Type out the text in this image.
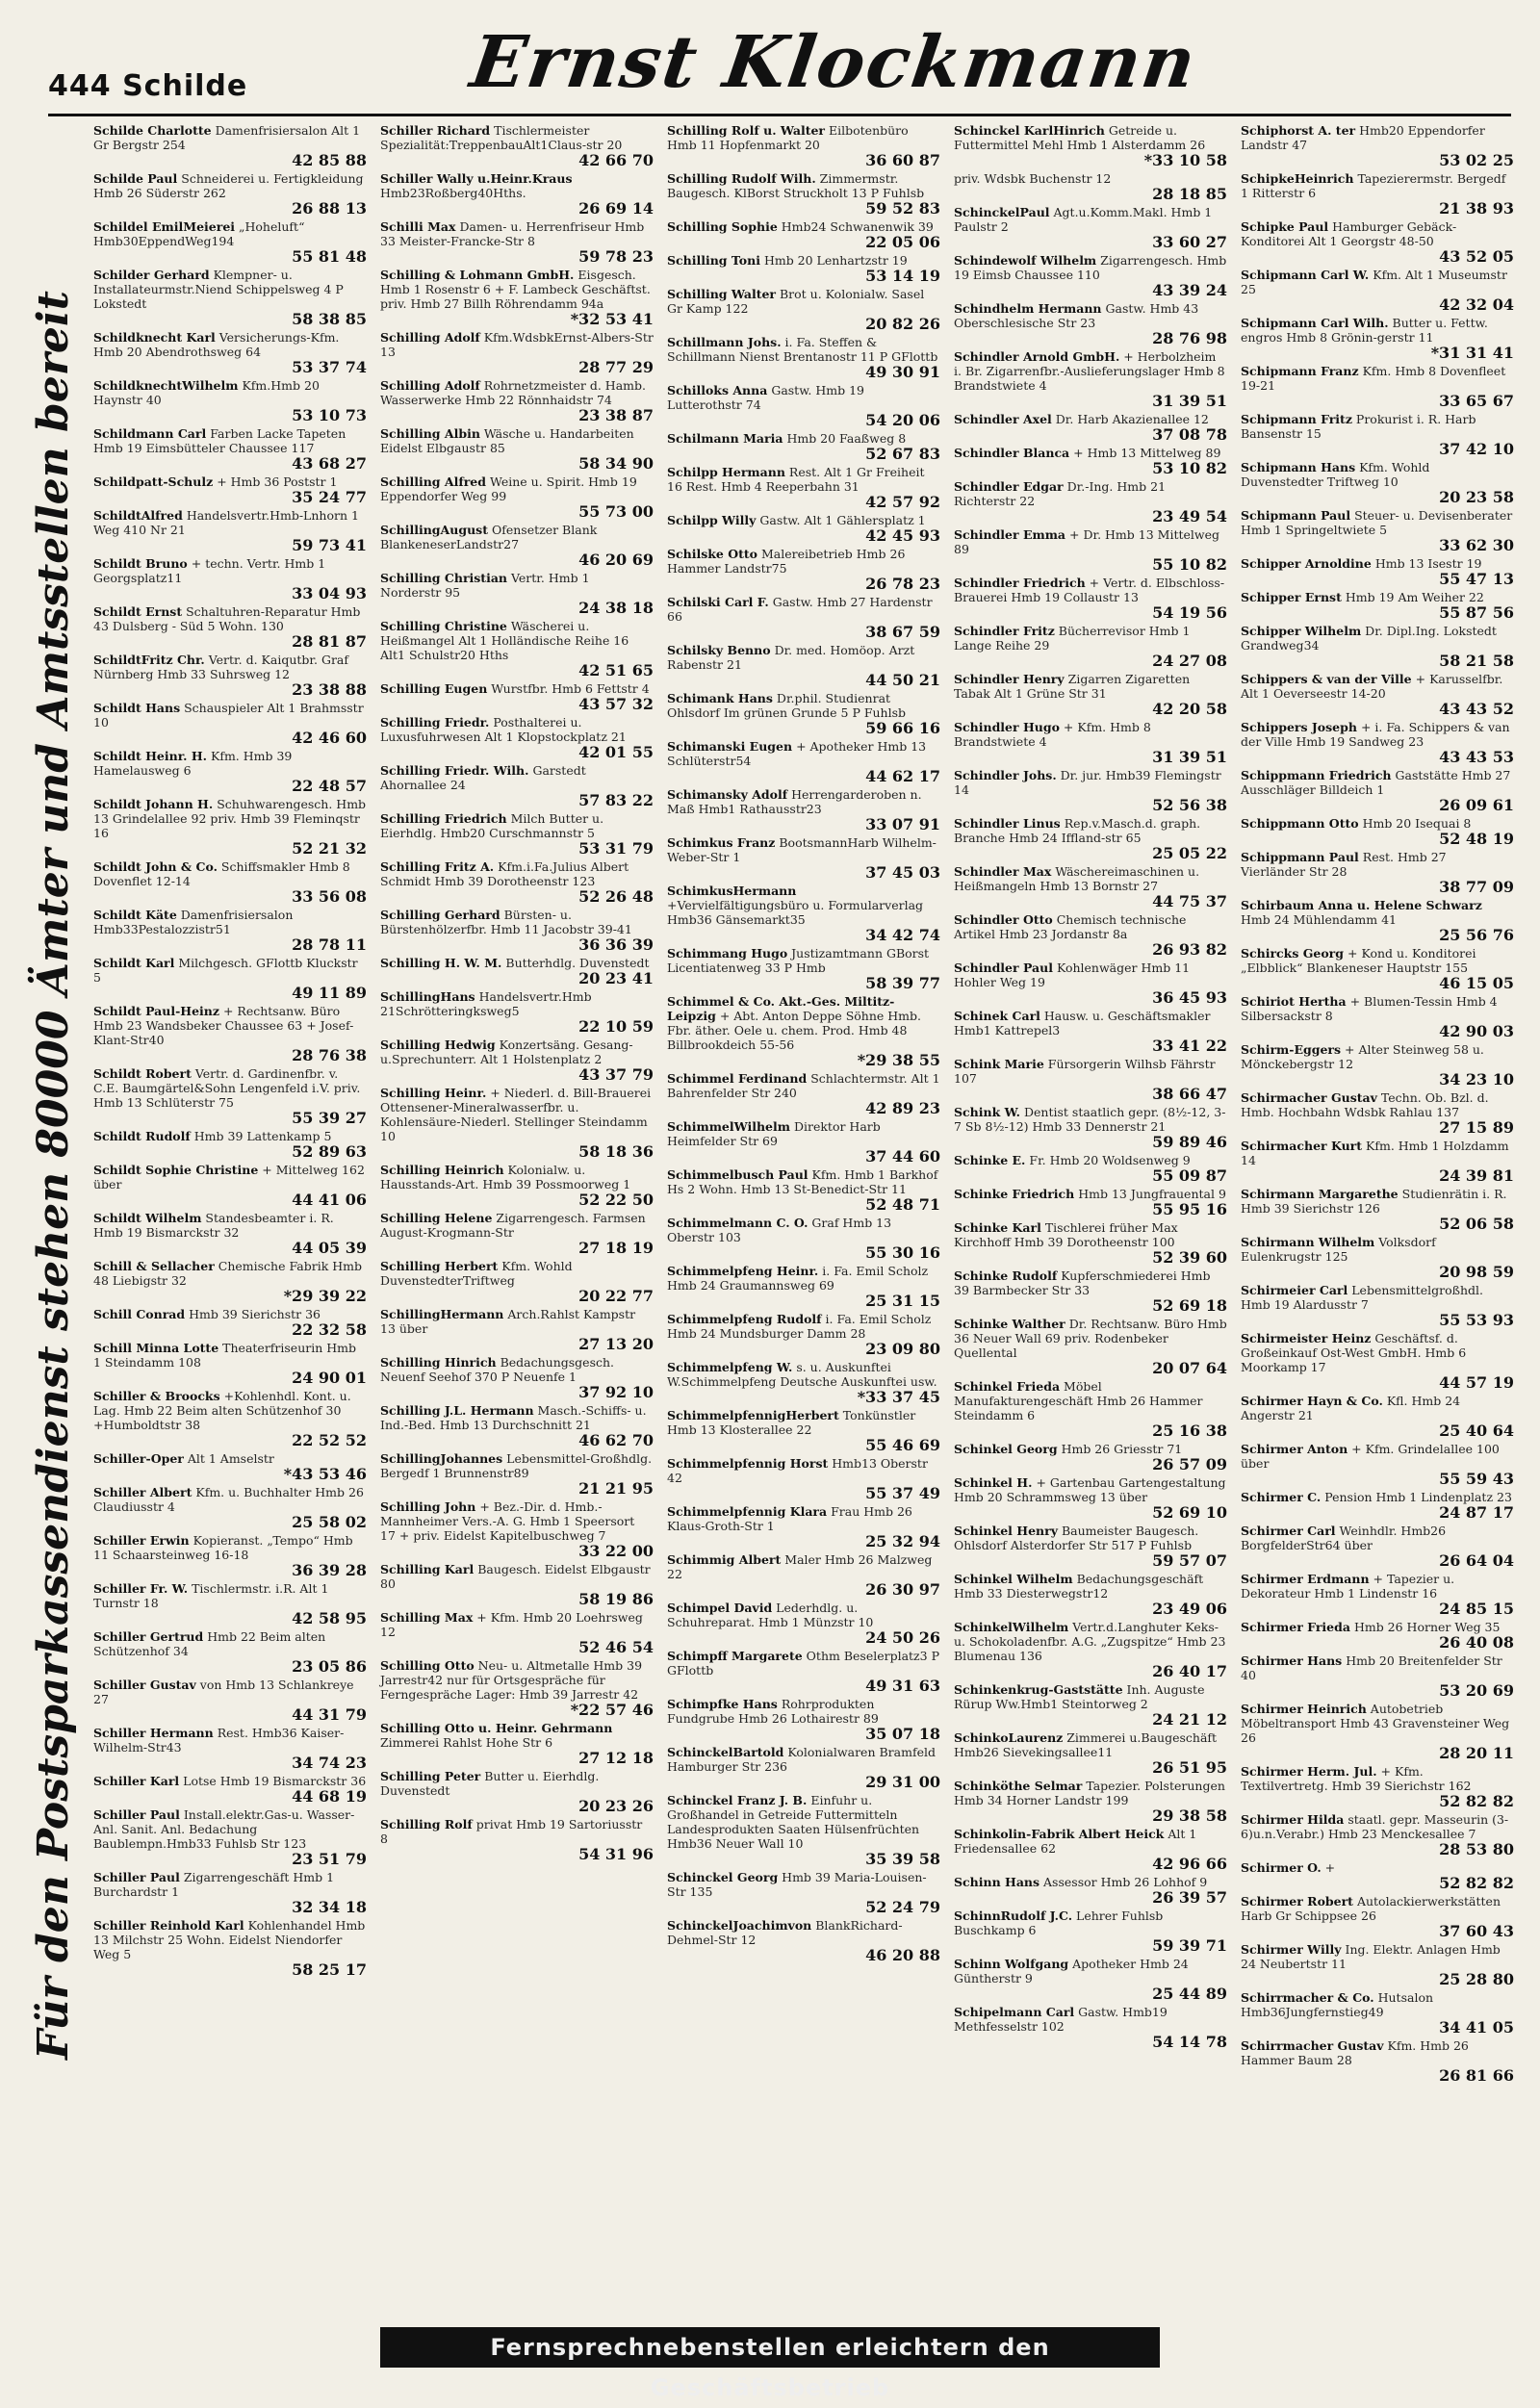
444 Schilde	Ernst Klockmann
Für den Postsparkassendienst stehen 80000 Ämter und Amtsstellen bereit
Schilde Charlotte Damenfrisiersalon Alt 1 Gr Bergstr 254
42 85 88
Schilde Paul Schneiderei u. Fertigkleidung Hmb 26 Süderstr 262
26 88 13
Schildel EmilMeierei „Hoheluft“ Hmb30EppendWeg194
55 81 48
Schilder Gerhard Klempner- u. Installateurmstr.Niend Schippelsweg 4 P Lokstedt
58 38 85
Schildknecht Karl Versicherungs-Kfm. Hmb 20 Abendrothsweg 64
53 37 74
SchildknechtWilhelm Kfm.Hmb 20 Haynstr 40
53 10 73
Schildmann Carl Farben Lacke Tapeten Hmb 19 Eimsbütteler Chaussee 117
43 68 27
Schildpatt-Schulz + Hmb 36 Poststr 1
35 24 77
SchildtAlfred Handelsvertr.Hmb-Lnhorn 1 Weg 410 Nr 21
59 73 41
Schildt Bruno + techn. Vertr. Hmb 1 Georgsplatz11
33 04 93
Schildt Ernst Schaltuhren-Reparatur Hmb 43 Dulsberg - Süd 5 Wohn. 130
28 81 87
SchildtFritz Chr. Vertr. d. Kaiqutbr. Graf Nürnberg Hmb 33 Suhrsweg 12
23 38 88
Schildt Hans Schauspieler Alt 1 Brahmsstr 10
42 46 60
Schildt Heinr. H. Kfm. Hmb 39 Hamelausweg 6
22 48 57
Schildt Johann H. Schuhwarengesch. Hmb 13 Grindelallee 92 priv. Hmb 39 Fleminqstr 16
52 21 32
Schildt John & Co. Schiffsmakler Hmb 8 Dovenflet 12-14
33 56 08
Schildt Käte Damenfrisiersalon Hmb33Pestalozzistr51
28 78 11
Schildt Karl Milchgesch. GFlottb Kluckstr 5
49 11 89
Schildt Paul-Heinz + Rechtsanw. Büro Hmb 23 Wandsbeker Chaussee 63 + Josef-Klant-Str40
28 76 38
Schildt Robert Vertr. d. Gardinenfbr. v. C.E. Baumgärtel&Sohn Lengenfeld i.V. priv. Hmb 13 Schlüterstr 75
55 39 27
Schildt Rudolf Hmb 39 Lattenkamp 5
52 89 63
Schildt Sophie Christine + Mittelweg 162 über
44 41 06
Schildt Wilhelm Standesbeamter i. R. Hmb 19 Bismarckstr 32
44 05 39
Schill & Sellacher Chemische Fabrik Hmb 48 Liebigstr 32
*29 39 22
Schill Conrad Hmb 39 Sierichstr 36
22 32 58
Schill Minna Lotte Theaterfriseurin Hmb 1 Steindamm 108
24 90 01
Schiller & Broocks +Kohlenhdl. Kont. u. Lag. Hmb 22 Beim alten Schützenhof 30 +Humboldtstr 38
22 52 52
Schiller-Oper Alt 1 Amselstr
*43 53 46
Schiller Albert Kfm. u. Buchhalter Hmb 26 Claudiusstr 4
25 58 02
Schiller Erwin Kopieranst. „Tempo“ Hmb 11 Schaarsteinweg 16-18
36 39 28
Schiller Fr. W. Tischlermstr. i.R. Alt 1 Turnstr 18
42 58 95
Schiller Gertrud Hmb 22 Beim alten Schützenhof 34
23 05 86
Schiller Gustav von Hmb 13 Schlankreye 27
44 31 79
Schiller Hermann Rest. Hmb36 Kaiser-Wilhelm-Str43
34 74 23
Schiller Karl Lotse Hmb 19 Bismarckstr 36
44 68 19
Schiller Paul Install.elektr.Gas-u. Wasser-Anl. Sanit. Anl. Bedachung Baublempn.Hmb33 Fuhlsb Str 123
23 51 79
Schiller Paul Zigarrengeschäft Hmb 1 Burchardstr 1
32 34 18
Schiller Reinhold Karl Kohlenhandel Hmb 13 Milchstr 25 Wohn. Eidelst Niendorfer Weg 5
58 25 17
Schiller Richard Tischlermeister Spezialität:TreppenbauAlt1Claus-str 20
42 66 70
Schiller Wally u.Heinr.Kraus Hmb23Roßberg40Hths.
26 69 14
Schilli Max Damen- u. Herrenfriseur Hmb 33 Meister-Francke-Str 8
59 78 23
Schilling & Lohmann GmbH. Eisgesch. Hmb 1 Rosenstr 6 + F. Lambeck Geschäftst. priv. Hmb 27 Billh Röhrendamm 94a
*32 53 41
Schilling Adolf Kfm.WdsbkErnst-Albers-Str 13
28 77 29
Schilling Adolf Rohrnetzmeister d. Hamb. Wasserwerke Hmb 22 Rönnhaidstr 74
23 38 87
Schilling Albin Wäsche u. Handarbeiten Eidelst Elbgaustr 85
58 34 90
Schilling Alfred Weine u. Spirit. Hmb 19 Eppendorfer Weg 99
55 73 00
SchillingAugust Ofensetzer Blank BlankeneserLandstr27
46 20 69
Schilling Christian Vertr. Hmb 1 Norderstr 95
24 38 18
Schilling Christine Wäscherei u. Heißmangel Alt 1 Holländische Reihe 16 Alt1 Schulstr20 Hths
42 51 65
Schilling Eugen Wurstfbr. Hmb 6 Fettstr 4
43 57 32
Schilling Friedr. Posthalterei u. Luxusfuhrwesen Alt 1 Klopstockplatz 21
42 01 55
Schilling Friedr. Wilh. Garstedt Ahornallee 24
57 83 22
Schilling Friedrich Milch Butter u. Eierhdlg. Hmb20 Curschmannstr 5
53 31 79
Schilling Fritz A. Kfm.i.Fa.Julius Albert Schmidt Hmb 39 Dorotheenstr 123
52 26 48
Schilling Gerhard Bürsten- u. Bürstenhölzerfbr. Hmb 11 Jacobstr 39-41
36 36 39
Schilling H. W. M. Butterhdlg. Duvenstedt
20 23 41
SchillingHans Handelsvertr.Hmb 21Schrötteringksweg5
22 10 59
Schilling Hedwig Konzertsäng. Gesang-u.Sprechunterr. Alt 1 Holstenplatz 2
43 37 79
Schilling Heinr. + Niederl. d. Bill-Brauerei Ottensener-Mineralwasserfbr. u. Kohlensäure-Niederl. Stellinger Steindamm 10
58 18 36
Schilling Heinrich Kolonialw. u. Hausstands-Art. Hmb 39 Possmoorweg 1
52 22 50
Schilling Helene Zigarrengesch. Farmsen August-Krogmann-Str
27 18 19
Schilling Herbert Kfm. Wohld DuvenstedterTriftweg
20 22 77
SchillingHermann Arch.Rahlst Kampstr 13 über
27 13 20
Schilling Hinrich Bedachungsgesch. Neuenf Seehof 370 P Neuenfe 1
37 92 10
Schilling J.L. Hermann Masch.-Schiffs- u. Ind.-Bed. Hmb 13 Durchschnitt 21
46 62 70
SchillingJohannes Lebensmittel-Großhdlg. Bergedf 1 Brunnenstr89
21 21 95
Schilling John + Bez.-Dir. d. Hmb.-Mannheimer Vers.-A. G. Hmb 1 Speersort 17 + priv. Eidelst Kapitelbuschweg 7
33 22 00
Schilling Karl Baugesch. Eidelst Elbgaustr 80
58 19 86
Schilling Max + Kfm. Hmb 20 Loehrsweg 12
52 46 54
Schilling Otto Neu- u. Altmetalle Hmb 39 Jarrestr42 nur für Ortsgespräche für Ferngespräche Lager: Hmb 39 Jarrestr 42
*22 57 46
Schilling Otto u. Heinr. Gehrmann Zimmerei Rahlst Hohe Str 6
27 12 18
Schilling Peter Butter u. Eierhdlg. Duvenstedt
20 23 26
Schilling Rolf privat Hmb 19 Sartoriusstr 8
54 31 96
Schilling Rolf u. Walter Eilbotenbüro Hmb 11 Hopfenmarkt 20
36 60 87
Schilling Rudolf Wilh. Zimmermstr. Baugesch. KlBorst Struckholt 13 P Fuhlsb
59 52 83
Schilling Sophie Hmb24 Schwanenwik 39
22 05 06
Schilling Toni Hmb 20 Lenhartzstr 19
53 14 19
Schilling Walter Brot u. Kolonialw. Sasel Gr Kamp 122
20 82 26
Schillmann Johs. i. Fa. Steffen & Schillmann Nienst Brentanostr 11 P GFlottb
49 30 91
Schilloks Anna Gastw. Hmb 19 Lutterothstr 74
54 20 06
Schilmann Maria Hmb 20 Faaßweg 8
52 67 83
Schilpp Hermann Rest. Alt 1 Gr Freiheit 16 Rest. Hmb 4 Reeperbahn 31
42 57 92
Schilpp Willy Gastw. Alt 1 Gählersplatz 1
42 45 93
Schilske Otto Malereibetrieb Hmb 26 Hammer Landstr75
26 78 23
Schilski Carl F. Gastw. Hmb 27 Hardenstr 66
38 67 59
Schilsky Benno Dr. med. Homöop. Arzt Rabenstr 21
44 50 21
Schimank Hans Dr.phil. Studienrat Ohlsdorf Im grünen Grunde 5 P Fuhlsb
59 66 16
Schimanski Eugen + Apotheker Hmb 13 Schlüterstr54
44 62 17
Schimansky Adolf Herrengarderoben n. Maß Hmb1 Rathausstr23
33 07 91
Schimkus Franz BootsmannHarb Wilhelm-Weber-Str 1
37 45 03
SchimkusHermann +Vervielfältigungsbüro u. Formularverlag Hmb36 Gänsemarkt35
34 42 74
Schimmang Hugo Justizamtmann GBorst Licentiatenweg 33 P Hmb
58 39 77
Schimmel & Co. Akt.-Ges. Miltitz-Leipzig + Abt. Anton Deppe Söhne Hmb. Fbr. äther. Oele u. chem. Prod. Hmb 48 Billbrookdeich 55-56
*29 38 55
Schimmel Ferdinand Schlachtermstr. Alt 1 Bahrenfelder Str 240
42 89 23
SchimmelWilhelm Direktor Harb Heimfelder Str 69
37 44 60
Schimmelbusch Paul Kfm. Hmb 1 Barkhof Hs 2 Wohn. Hmb 13 St-Benedict-Str 11
52 48 71
Schimmelmann C. O. Graf Hmb 13 Oberstr 103
55 30 16
Schimmelpfeng Heinr. i. Fa. Emil Scholz Hmb 24 Graumannsweg 69
25 31 15
Schimmelpfeng Rudolf i. Fa. Emil Scholz Hmb 24 Mundsburger Damm 28
23 09 80
Schimmelpfeng W. s. u. Auskunftei W.Schimmelpfeng Deutsche Auskunftei usw.
*33 37 45
SchimmelpfennigHerbert Tonkünstler Hmb 13 Klosterallee 22
55 46 69
Schimmelpfennig Horst Hmb13 Oberstr 42
55 37 49
Schimmelpfennig Klara Frau Hmb 26 Klaus-Groth-Str 1
25 32 94
Schimmig Albert Maler Hmb 26 Malzweg 22
26 30 97
Schimpel David Lederhdlg. u. Schuhreparat. Hmb 1 Münzstr 10
24 50 26
Schimpff Margarete Othm Beselerplatz3 P GFlottb
49 31 63
Schimpfke Hans Rohrprodukten Fundgrube Hmb 26 Lothairestr 89
35 07 18
SchinckelBartold Kolonialwaren Bramfeld Hamburger Str 236
29 31 00
Schinckel Franz J. B. Einfuhr u. Großhandel in Getreide Futtermitteln Landesprodukten Saaten Hülsenfrüchten Hmb36 Neuer Wall 10
35 39 58
Schinckel Georg Hmb 39 Maria-Louisen-Str 135
52 24 79
SchinckelJoachimvon BlankRichard-Dehmel-Str 12
46 20 88
Schinckel KarlHinrich Getreide u. Futtermittel Mehl Hmb 1 Alsterdamm 26
*33 10 58
priv. Wdsbk Buchenstr 12
28 18 85
SchinckelPaul Agt.u.Komm.Makl. Hmb 1 Paulstr 2
33 60 27
Schindewolf Wilhelm Zigarrengesch. Hmb 19 Eimsb Chaussee 110
43 39 24
Schindhelm Hermann Gastw. Hmb 43 Oberschlesische Str 23
28 76 98
Schindler Arnold GmbH. + Herbolzheim i. Br. Zigarrenfbr.-Auslieferungslager Hmb 8 Brandstwiete 4
31 39 51
Schindler Axel Dr. Harb Akazienallee 12
37 08 78
Schindler Blanca + Hmb 13 Mittelweg 89
53 10 82
Schindler Edgar Dr.-Ing. Hmb 21 Richterstr 22
23 49 54
Schindler Emma + Dr. Hmb 13 Mittelweg 89
55 10 82
Schindler Friedrich + Vertr. d. Elbschloss-Brauerei Hmb 19 Collaustr 13
54 19 56
Schindler Fritz Bücherrevisor Hmb 1 Lange Reihe 29
24 27 08
Schindler Henry Zigarren Zigaretten Tabak Alt 1 Grüne Str 31
42 20 58
Schindler Hugo + Kfm. Hmb 8 Brandstwiete 4
31 39 51
Schindler Johs. Dr. jur. Hmb39 Flemingstr 14
52 56 38
Schindler Linus Rep.v.Masch.d. graph. Branche Hmb 24 Iffland-str 65
25 05 22
Schindler Max Wäschereimaschinen u. Heißmangeln Hmb 13 Bornstr 27
44 75 37
Schindler Otto Chemisch technische Artikel Hmb 23 Jordanstr 8a
26 93 82
Schindler Paul Kohlenwäger Hmb 11 Hohler Weg 19
36 45 93
Schinek Carl Hausw. u. Geschäftsmakler Hmb1 Kattrepel3
33 41 22
Schink Marie Fürsorgerin Wilhsb Fährstr 107
38 66 47
Schink W. Dentist staatlich gepr. (8½-12, 3-7 Sb 8½-12) Hmb 33 Dennerstr 21
59 89 46
Schinke E. Fr. Hmb 20 Woldsenweg 9
55 09 87
Schinke Friedrich Hmb 13 Jungfrauental 9
55 95 16
Schinke Karl Tischlerei früher Max Kirchhoff Hmb 39 Dorotheenstr 100
52 39 60
Schinke Rudolf Kupferschmiederei Hmb 39 Barmbecker Str 33
52 69 18
Schinke Walther Dr. Rechtsanw. Büro Hmb 36 Neuer Wall 69 priv. Rodenbeker Quellental
20 07 64
Schinkel Frieda Möbel Manufakturengeschäft Hmb 26 Hammer Steindamm 6
25 16 38
Schinkel Georg Hmb 26 Griesstr 71
26 57 09
Schinkel H. + Gartenbau Gartengestaltung Hmb 20 Schrammsweg 13 über
52 69 10
Schinkel Henry Baumeister Baugesch. Ohlsdorf Alsterdorfer Str 517 P Fuhlsb
59 57 07
Schinkel Wilhelm Bedachungsgeschäft Hmb 33 Diesterwegstr12
23 49 06
SchinkelWilhelm Vertr.d.Langhuter Keks- u. Schokoladenfbr. A.G. „Zugspitze“ Hmb 23 Blumenau 136
26 40 17
Schinkenkrug-Gaststätte Inh. Auguste Rürup Ww.Hmb1 Steintorweg 2
24 21 12
SchinkoLaurenz Zimmerei u.Baugeschäft Hmb26 Sievekingsallee11
26 51 95
Schinköthe Selmar Tapezier. Polsterungen Hmb 34 Horner Landstr 199
29 38 58
Schinkolin-Fabrik Albert Heick Alt 1 Friedensallee 62
42 96 66
Schinn Hans Assessor Hmb 26 Lohhof 9
26 39 57
SchinnRudolf J.C. Lehrer Fuhlsb Buschkamp 6
59 39 71
Schinn Wolfgang Apotheker Hmb 24 Güntherstr 9
25 44 89
Schipelmann Carl Gastw. Hmb19 Methfesselstr 102
54 14 78
Schiphorst A. ter Hmb20 Eppendorfer Landstr 47
53 02 25
SchipkeHeinrich Tapezierermstr. Bergedf 1 Ritterstr 6
21 38 93
Schipke Paul Hamburger Gebäck-Konditorei Alt 1 Georgstr 48-50
43 52 05
Schipmann Carl W. Kfm. Alt 1 Museumstr 25
42 32 04
Schipmann Carl Wilh. Butter u. Fettw. engros Hmb 8 Grönin-gerstr 11
*31 31 41
Schipmann Franz Kfm. Hmb 8 Dovenfleet 19-21
33 65 67
Schipmann Fritz Prokurist i. R. Harb Bansenstr 15
37 42 10
Schipmann Hans Kfm. Wohld Duvenstedter Triftweg 10
20 23 58
Schipmann Paul Steuer- u. Devisenberater Hmb 1 Springeltwiete 5
33 62 30
Schipper Arnoldine Hmb 13 Isestr 19
55 47 13
Schipper Ernst Hmb 19 Am Weiher 22
55 87 56
Schipper Wilhelm Dr. Dipl.Ing. Lokstedt Grandweg34
58 21 58
Schippers & van der Ville + Karusselfbr. Alt 1 Oeverseestr 14-20
43 43 52
Schippers Joseph + i. Fa. Schippers & van der Ville Hmb 19 Sandweg 23
43 43 53
Schippmann Friedrich Gaststätte Hmb 27 Ausschläger Billdeich 1
26 09 61
Schippmann Otto Hmb 20 Isequai 8
52 48 19
Schippmann Paul Rest. Hmb 27 Vierländer Str 28
38 77 09
Schirbaum Anna u. Helene Schwarz Hmb 24 Mühlendamm 41
25 56 76
Schircks Georg + Kond u. Konditorei „Elbblick“ Blankeneser Hauptstr 155
46 15 05
Schiriot Hertha + Blumen-Tessin Hmb 4 Silbersackstr 8
42 90 03
Schirm-Eggers + Alter Steinweg 58 u. Mönckebergstr 12
34 23 10
Schirmacher Gustav Techn. Ob. Bzl. d. Hmb. Hochbahn Wdsbk Rahlau 137
27 15 89
Schirmacher Kurt Kfm. Hmb 1 Holzdamm 14
24 39 81
Schirmann Margarethe Studienrätin i. R. Hmb 39 Sierichstr 126
52 06 58
Schirmann Wilhelm Volksdorf Eulenkrugstr 125
20 98 59
Schirmeier Carl Lebensmittelgroßhdl. Hmb 19 Alardusstr 7
55 53 93
Schirmeister Heinz Geschäftsf. d. Großeinkauf Ost-West GmbH. Hmb 6 Moorkamp 17
44 57 19
Schirmer Hayn & Co. Kfl. Hmb 24 Angerstr 21
25 40 64
Schirmer Anton + Kfm. Grindelallee 100 über
55 59 43
Schirmer C. Pension Hmb 1 Lindenplatz 23
24 87 17
Schirmer Carl Weinhdlr. Hmb26 BorgfelderStr64 über
26 64 04
Schirmer Erdmann + Tapezier u. Dekorateur Hmb 1 Lindenstr 16
24 85 15
Schirmer Frieda Hmb 26 Horner Weg 35
26 40 08
Schirmer Hans Hmb 20 Breitenfelder Str 40
53 20 69
Schirmer Heinrich Autobetrieb Möbeltransport Hmb 43 Gravensteiner Weg 26
28 20 11
Schirmer Herm. Jul. + Kfm. Textilvertretg. Hmb 39 Sierichstr 162
52 82 82
Schirmer Hilda staatl. gepr. Masseurin (3-6)u.n.Verabr.) Hmb 23 Menckesallee 7
28 53 80
Schirmer O. +
52 82 82
Schirmer Robert Autolackierwerkstätten Harb Gr Schippsee 26
37 60 43
Schirmer Willy Ing. Elektr. Anlagen Hmb 24 Neubertstr 11
25 28 80
Schirrmacher & Co. Hutsalon Hmb36Jungfernstieg49
34 41 05
Schirrmacher Gustav Kfm. Hmb 26 Hammer Baum 28
26 81 66
Fernsprechnebenstellen erleichtern den Geschäftsbetrieb
